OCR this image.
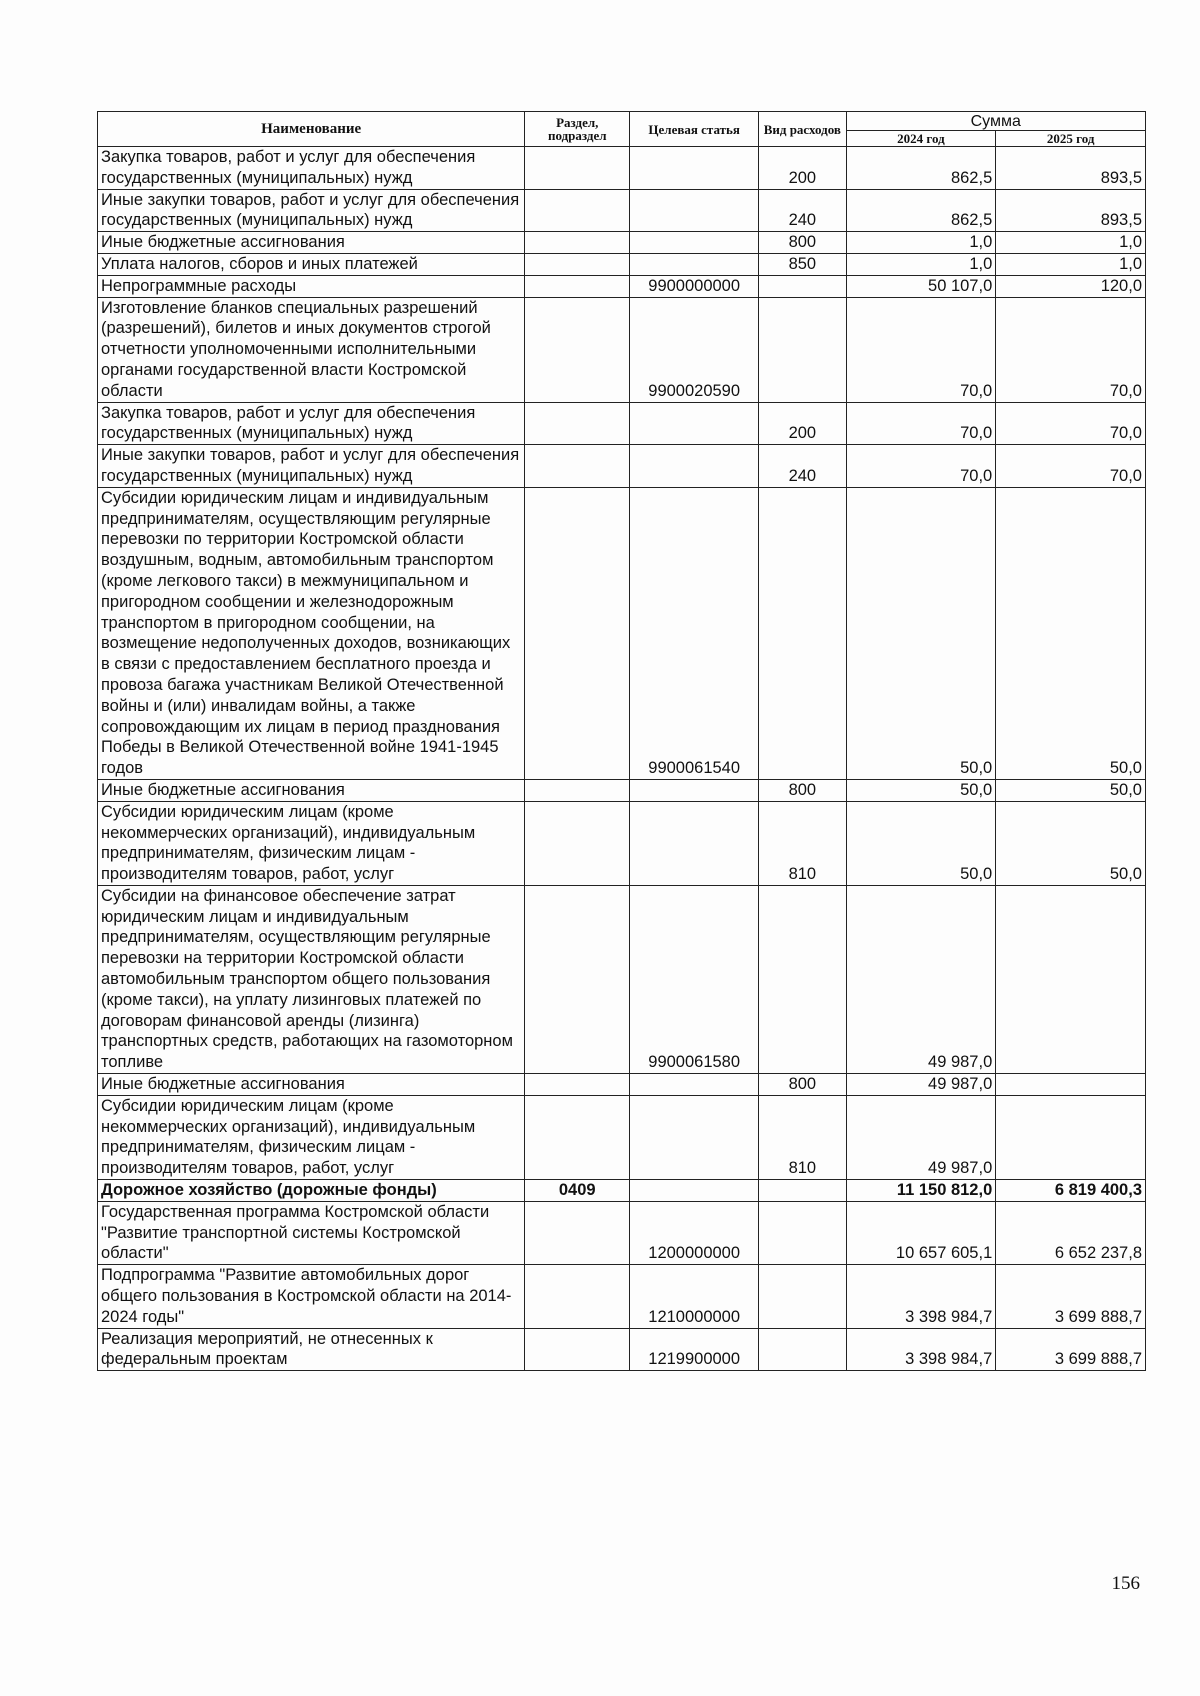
Наименование	Раздел, подраздел	Целевая статья	Вид расходов	Сумма	
				2024 год	2025 год
Закупка товаров, работ и услуг для обеспечения государственных (муниципальных) нужд			200	862,5	893,5
Иные закупки товаров, работ и услуг для обеспечения государственных (муниципальных) нужд			240	862,5	893,5
Иные бюджетные ассигнования			800	1,0	1,0
Уплата налогов, сборов и иных платежей			850	1,0	1,0
Непрограммные расходы		9900000000		50 107,0	120,0
Изготовление бланков специальных разрешений (разрешений), билетов и иных документов строгой отчетности уполномоченными исполнительными органами государственной власти Костромской области		9900020590		70,0	70,0
Закупка товаров, работ и услуг для обеспечения государственных (муниципальных) нужд			200	70,0	70,0
Иные закупки товаров, работ и услуг для обеспечения государственных (муниципальных) нужд			240	70,0	70,0
Субсидии юридическим лицам и индивидуальным предпринимателям, осуществляющим регулярные перевозки по территории Костромской области воздушным, водным, автомобильным транспортом (кроме легкового такси) в межмуниципальном и пригородном сообщении и железнодорожным транспортом в пригородном сообщении, на возмещение недополученных доходов, возникающих в связи с предоставлением бесплатного проезда и провоза багажа участникам Великой Отечественной войны и (или) инвалидам войны, а также сопровождающим их лицам в период празднования Победы в Великой Отечественной войне 1941-1945 годов		9900061540		50,0	50,0
Иные бюджетные ассигнования			800	50,0	50,0
Субсидии юридическим лицам (кроме некоммерческих организаций), индивидуальным предпринимателям, физическим лицам - производителям товаров, работ, услуг			810	50,0	50,0
Субсидии на финансовое обеспечение затрат юридическим лицам и индивидуальным предпринимателям, осуществляющим регулярные перевозки на территории Костромской области автомобильным транспортом общего пользования (кроме такси), на уплату лизинговых платежей по договорам финансовой аренды (лизинга) транспортных средств, работающих на газомоторном топливе		9900061580		49 987,0	
Иные бюджетные ассигнования			800	49 987,0	
Субсидии юридическим лицам (кроме некоммерческих организаций), индивидуальным предпринимателям, физическим лицам - производителям товаров, работ, услуг			810	49 987,0	
Дорожное хозяйство (дорожные фонды)	0409			11 150 812,0	6 819 400,3
Государственная программа Костромской области "Развитие транспортной системы Костромской области"		1200000000		10 657 605,1	6 652 237,8
Подпрограмма "Развитие автомобильных дорог общего пользования в Костромской области на 2014-2024 годы"		1210000000		3 398 984,7	3 699 888,7
Реализация мероприятий, не отнесенных к федеральным проектам		1219900000		3 398 984,7	3 699 888,7
156
